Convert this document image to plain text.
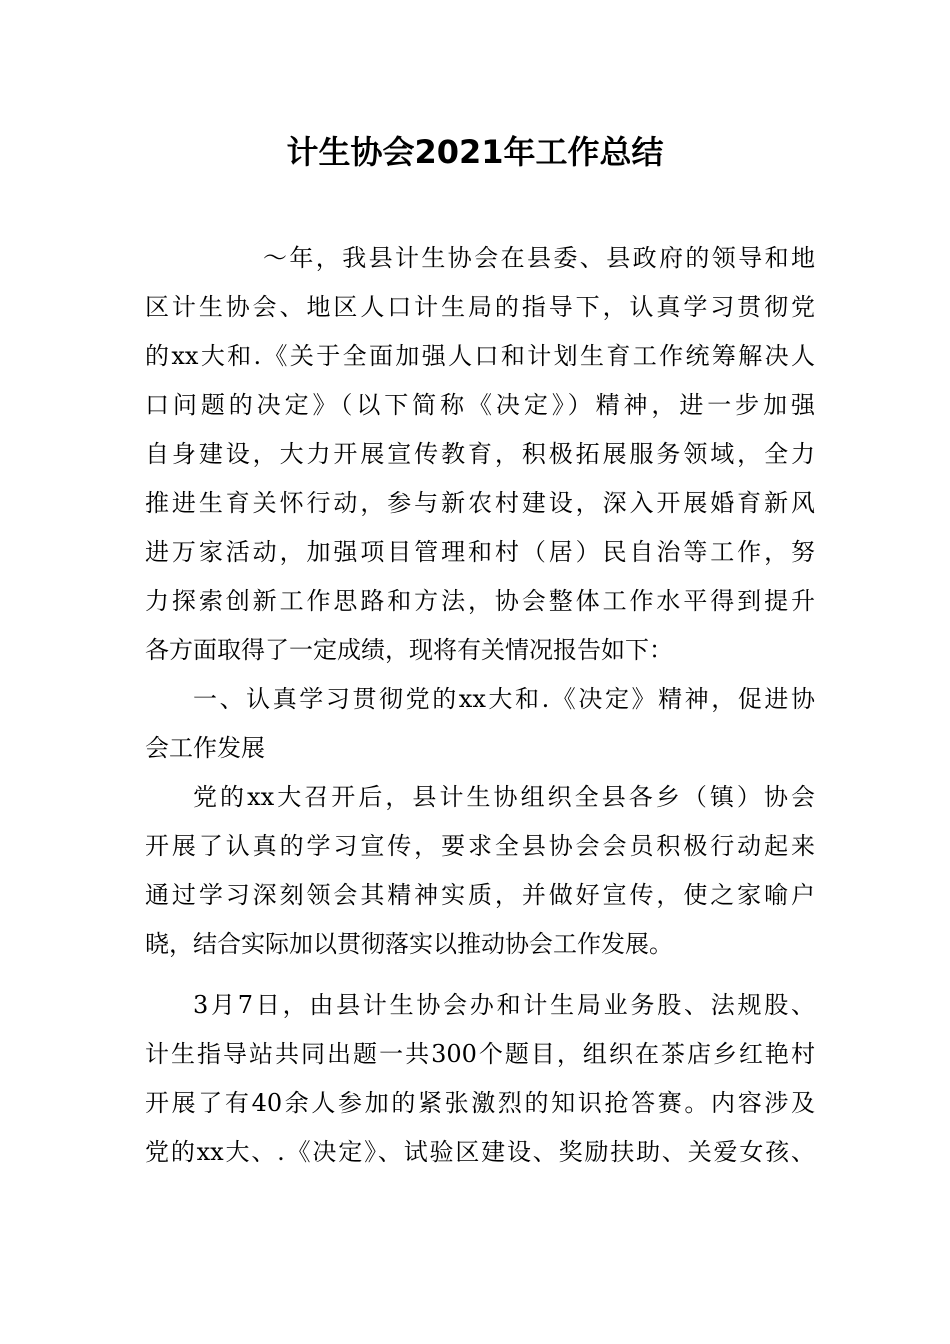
计生协会2021年工作总结
～年，我县计生协会在县委、县政府的领导和地
区计生协会、地区人口计生局的指导下，认真学习贯彻党
的xx大和.《关于全面加强人口和计划生育工作统筹解决人
口问题的决定》（以下简称《决定》）精神，进一步加强
自身建设，大力开展宣传教育，积极拓展服务领域，全力
推进生育关怀行动，参与新农村建设，深入开展婚育新风
进万家活动，加强项目管理和村（居）民自治等工作，努
力探索创新工作思路和方法，协会整体工作水平得到提升
各方面取得了一定成绩，现将有关情况报告如下：
一、认真学习贯彻党的xx大和.《决定》精神，促进协
会工作发展
党的xx大召开后，县计生协组织全县各乡（镇）协会
开展了认真的学习宣传，要求全县协会会员积极行动起来
通过学习深刻领会其精神实质，并做好宣传，使之家喻户
晓，结合实际加以贯彻落实以推动协会工作发展。
3月7日，由县计生协会办和计生局业务股、法规股、
计生指导站共同出题一共300个题目，组织在茶店乡红艳村
开展了有40余人参加的紧张激烈的知识抢答赛。内容涉及
党的xx大、.《决定》、试验区建设、奖励扶助、关爱女孩、
